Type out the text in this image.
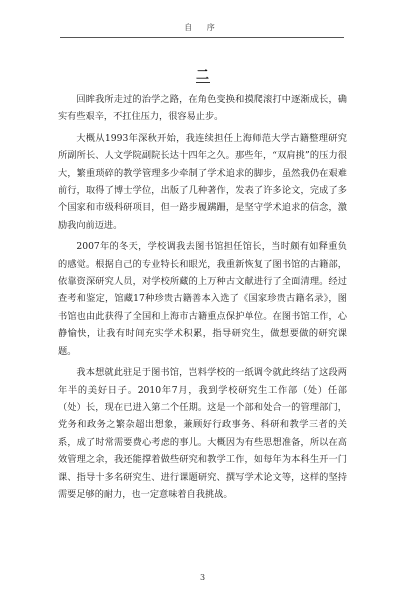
自 序
二

回眸我所走过的治学之路，在角色变换和摸爬滚打中逐渐成长，确实有些艰辛，不扛住压力，很容易止步。

大概从1993年深秋开始，我连续担任上海师范大学古籍整理研究所副所长、人文学院副院长达十四年之久。那些年，“双肩挑”的压力很大，繁重琐碎的教学管理多少牵制了学术追求的脚步，虽然我仍在艰难前行，取得了博士学位，出版了几种著作，发表了许多论文，完成了多个国家和市级科研项目，但一路步履蹒跚，是坚守学术追求的信念，激励我向前迈进。

2007年的冬天，学校调我去图书馆担任馆长，当时颇有如释重负的感觉。根据自己的专业特长和眼光，我重新恢复了图书馆的古籍部，依靠资深研究人员，对学校所藏的上万种古文献进行了全面清理。经过查考和鉴定，馆藏17种珍贵古籍善本入选了《国家珍贵古籍名录》，图书馆也由此获得了全国和上海市古籍重点保护单位。在图书馆工作，心静愉快，让我有时间充实学术积累，指导研究生，做想要做的研究课题。

我本想就此驻足于图书馆，岂料学校的一纸调令就此终结了这段两年半的美好日子。2010年7月，我到学校研究生工作部（处）任部（处）长，现在已进入第二个任期。这是一个部和处合一的管理部门，党务和政务之繁杂超出想象，兼顾好行政事务、科研和教学三者的关系，成了时常需要费心考虑的事儿。大概因为有些思想准备，所以在高效管理之余，我还能撑着做些研究和教学工作，如每年为本科生开一门课、指导十多名研究生、进行课题研究、撰写学术论文等，这样的坚持需要足够的耐力，也一定意味着自我挑战。

3
